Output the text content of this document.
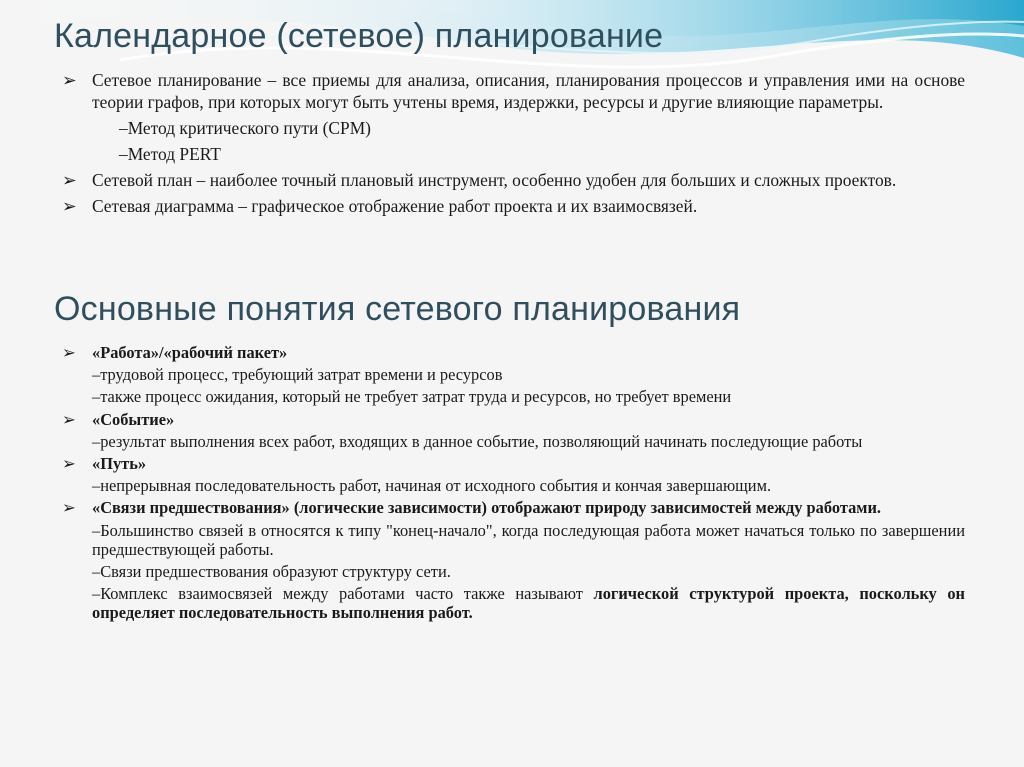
Календарное (сетевое) планирование
➢ Сетевое планирование – все приемы для анализа, описания, планирования процессов и управления ими на основе теории графов, при которых могут быть учтены время, издержки, ресурсы и другие влияющие параметры.
–Метод критического пути (CPM)
–Метод PERT
➢ Сетевой план – наиболее точный плановый инструмент, особенно удобен для больших и сложных проектов.
➢ Сетевая диаграмма – графическое отображение работ проекта и их взаимосвязей.
Основные понятия сетевого планирования
➢ «Работа»/«рабочий пакет»
–трудовой процесс, требующий затрат времени и ресурсов
–также процесс ожидания, который не требует затрат труда и ресурсов, но требует времени
➢ «Событие»
–результат выполнения всех работ, входящих в данное событие, позволяющий начинать последующие работы
➢ «Путь»
–непрерывная последовательность работ, начиная от исходного события и кончая завершающим.
➢ «Связи предшествования» (логические зависимости) отображают природу зависимостей между работами.
–Большинство связей в относятся к типу "конец-начало", когда последующая работа может начаться только по завершении предшествующей работы.
–Связи предшествования образуют структуру сети.
–Комплекс взаимосвязей между работами часто также называют логической структурой проекта, поскольку он определяет последовательность выполнения работ.
